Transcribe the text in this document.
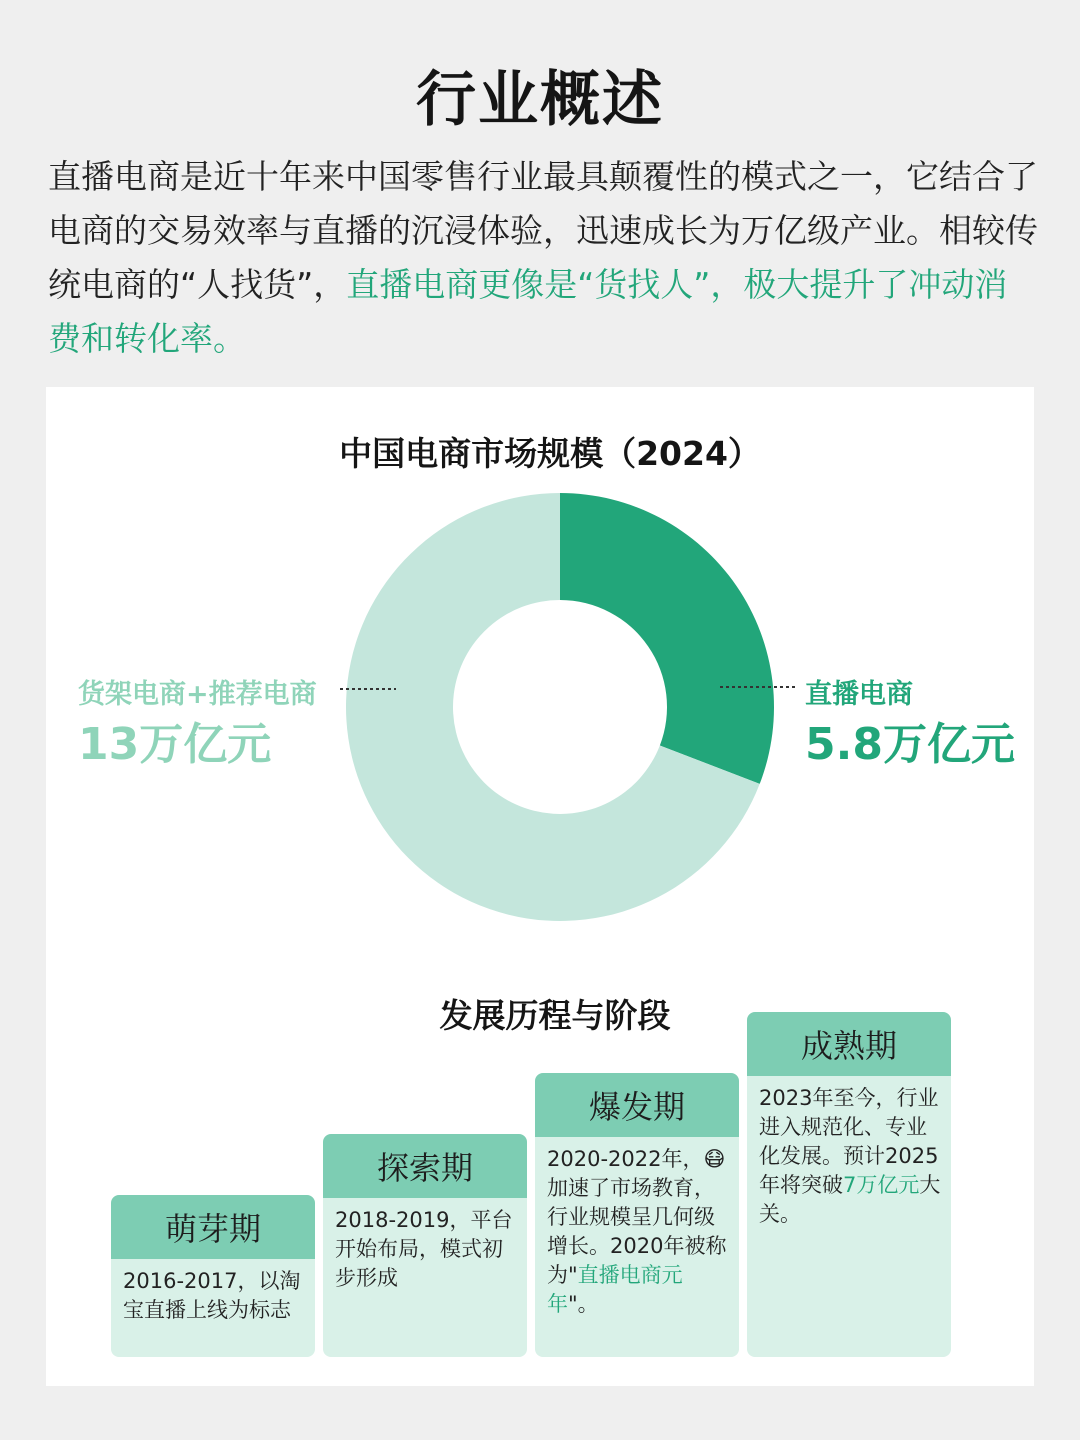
行业概述
直播电商是近十年来中国零售行业最具颠覆性的模式之一，它结合了电商的交易效率与直播的沉浸体验，迅速成长为万亿级产业。相较传统电商的“人找货”，直播电商更像是“货找人”，极大提升了冲动消费和转化率。
中国电商市场规模（2024）
直播电商
5.8万亿元
货架电商+推荐电商
13万亿元
发展历程与阶段
萌芽期
2016-2017，以淘宝直播上线为标志
探索期
2018-2019，平台开始布局，模式初步形成
爆发期
2020-2022年，😷加速了市场教育，行业规模呈几何级增长。2020年被称为"直播电商元年"。
成熟期
2023年至今，行业进入规范化、专业化发展。预计2025年将突破7万亿元大关。
